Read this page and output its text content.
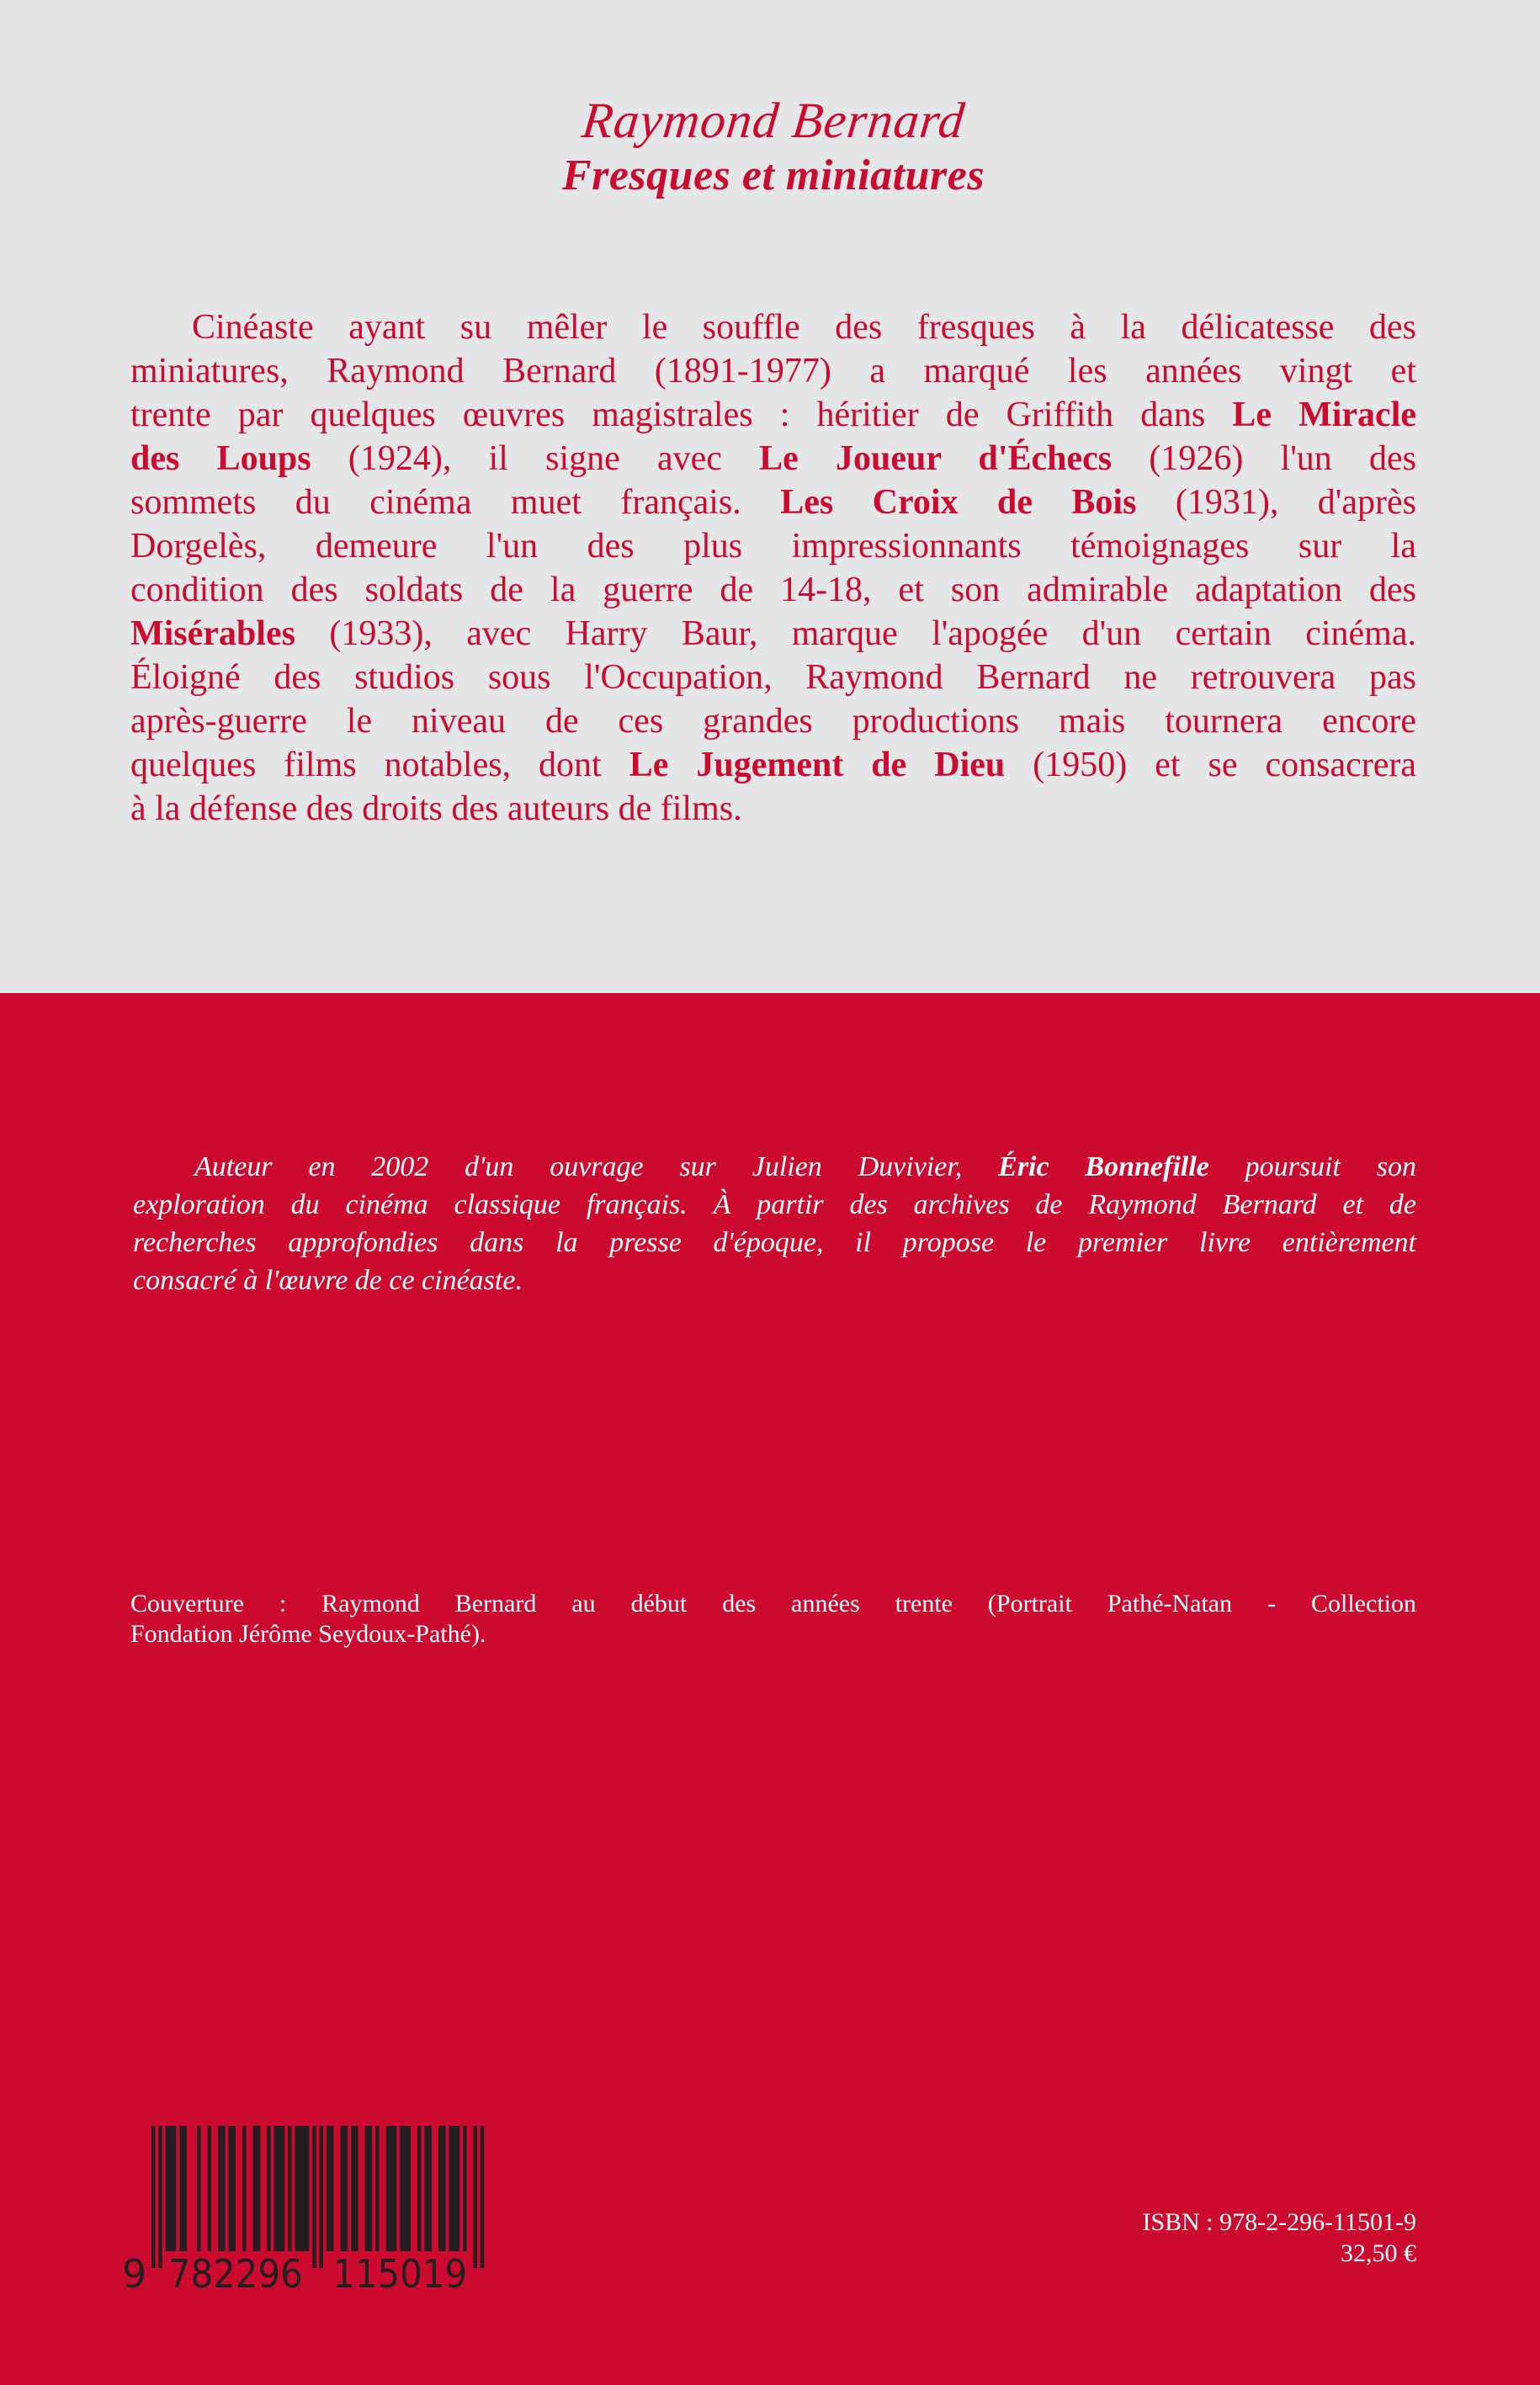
Raymond Bernard
Fresques et miniatures
Cinéaste ayant su mêler le souffle des fresques à la délicatesse des
miniatures, Raymond Bernard (1891-1977) a marqué les années vingt et
trente par quelques œuvres magistrales : héritier de Griffith dans Le Miracle
des Loups (1924), il signe avec Le Joueur d'Échecs (1926) l'un des
sommets du cinéma muet français. Les Croix de Bois (1931), d'après
Dorgelès, demeure l'un des plus impressionnants témoignages sur la
condition des soldats de la guerre de 14-18, et son admirable adaptation des
Misérables (1933), avec Harry Baur, marque l'apogée d'un certain cinéma.
Éloigné des studios sous l'Occupation, Raymond Bernard ne retrouvera pas
après-guerre le niveau de ces grandes productions mais tournera encore
quelques films notables, dont Le Jugement de Dieu (1950) et se consacrera
à la défense des droits des auteurs de films.
Auteur en 2002 d'un ouvrage sur Julien Duvivier, Éric Bonnefille poursuit son
exploration du cinéma classique français. À partir des archives de Raymond Bernard et de
recherches approfondies dans la presse d'époque, il propose le premier livre entièrement
consacré à l'œuvre de ce cinéaste.
Couverture : Raymond Bernard au début des années trente (Portrait Pathé-Natan - Collection
Fondation Jérôme Seydoux-Pathé).
9 782296 115019
ISBN : 978-2-296-11501-9
32,50 €
